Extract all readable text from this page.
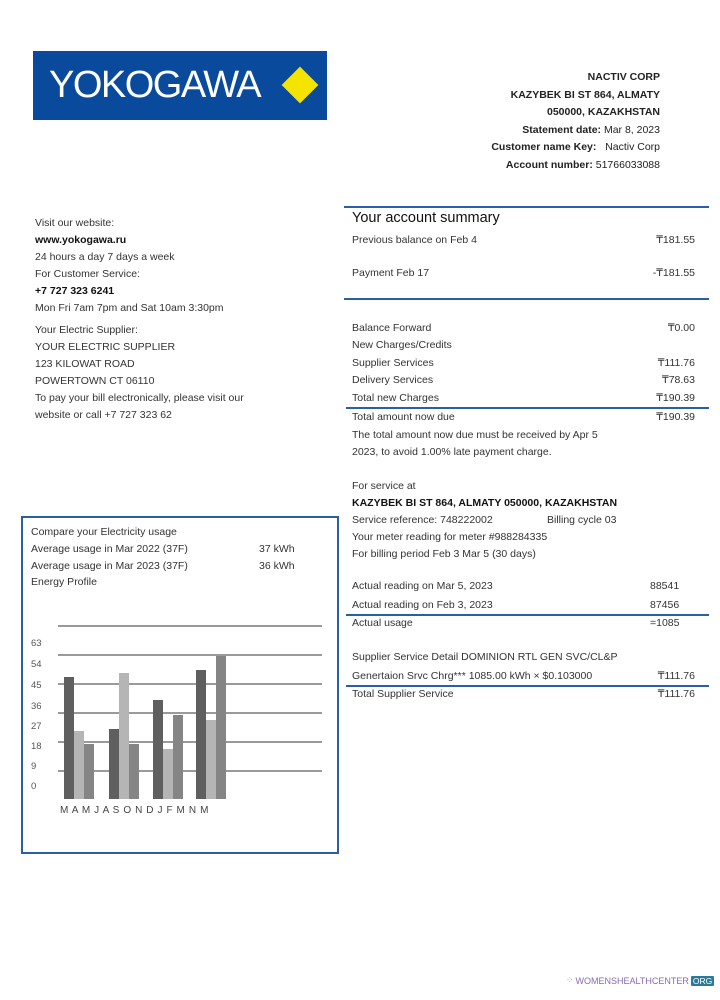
YOKOGAWA	NACTIV CORP
KAZYBEK BI ST 864, ALMATY
050000, KAZAKHSTAN
Statement date: Mar 8, 2023
Customer name Key: Nactiv Corp
Account number: 51766033088
Visit our website:
www.yokogawa.ru
24 hours a day 7 days a week
For Customer Service:
+7 727 323 6241
Mon Fri 7am 7pm and Sat 10am 3:30pm
Your Electric Supplier:
YOUR ELECTRIC SUPPLIER
123 KILOWAT ROAD
POWERTOWN CT 06110
To pay your bill electronically, please visit our
website or call +7 727 323 62
Your account summary
Previous balance on Feb 4	₸181.55
Payment Feb 17	-₸181.55
Balance Forward	₸0.00
New Charges/Credits
Supplier Services	₸111.76
Delivery Services	₸78.63
Total new Charges	₸190.39
Total amount now due	₸190.39
The total amount now due must be received by Apr 5
2023, to avoid 1.00% late payment charge.
For service at
KAZYBEK BI ST 864, ALMATY 050000, KAZAKHSTAN
Service reference: 748222002	Billing cycle 03
Your meter reading for meter #988284335
For billing period Feb 3 Mar 5 (30 days)
Actual reading on Mar 5, 2023	88541
Actual reading on Feb 3, 2023	87456
Actual usage	=1085
Supplier Service Detail DOMINION RTL GEN SVC/CL&P
Genertaion Srvc Chrg*** 1085.00 kWh × $0.103000	₸111.76
Total Supplier Service	₸111.76
Compare your Electricity usage
Average usage in Mar 2022 (37F)	37 kWh
Average usage in Mar 2023 (37F)	36 kWh
Energy Profile
63
54
45
36
27
18
9
0
M A M J A S O N D J F M N M
⁘ WOMENSHEALTHCENTER ORG
